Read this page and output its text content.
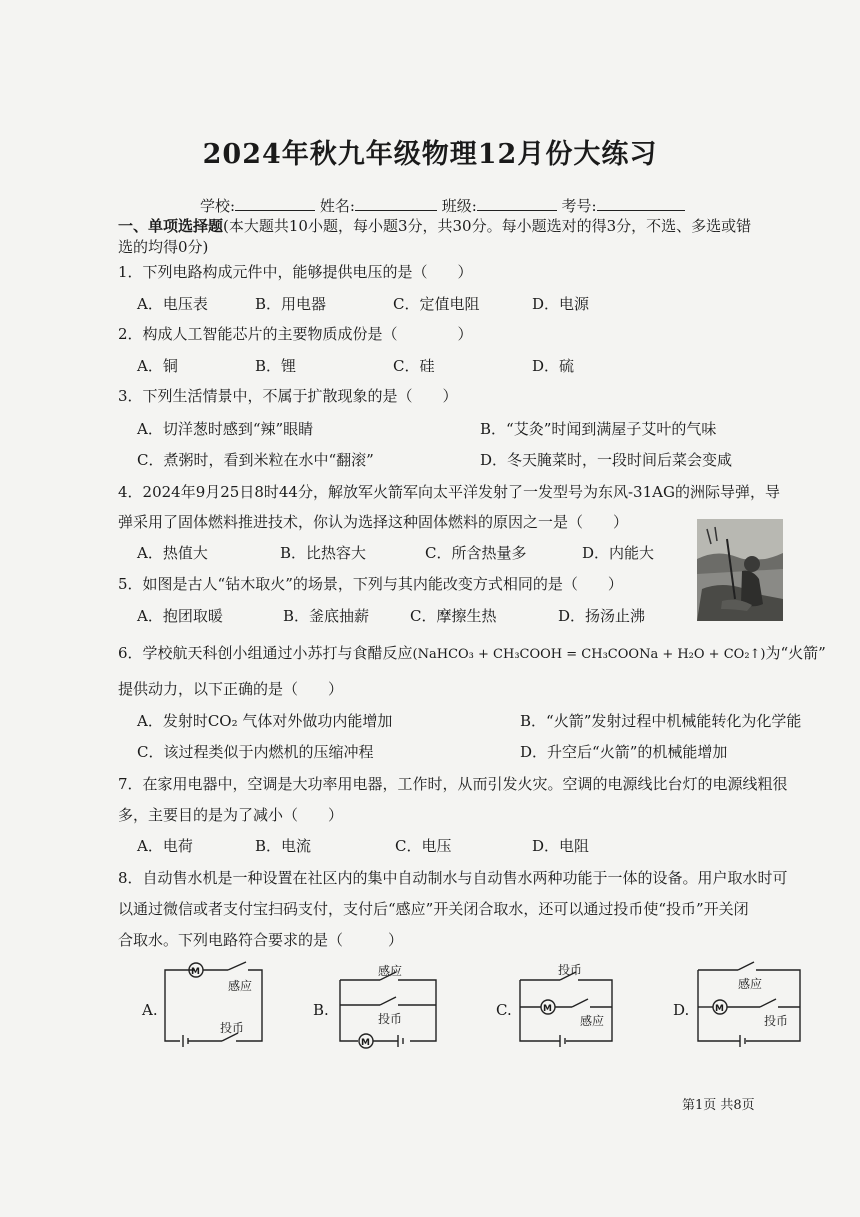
2024年秋九年级物理12月份大练习
学校:	姓名:	班级:	考号:
一、单项选择题(本大题共10小题，每小题3分，共30分。每小题选对的得3分，不选、多选或错
选的均得0分)
1．下列电路构成元件中，能够提供电压的是（　　）
A．电压表	B．用电器	C．定值电阻	D．电源
2．构成人工智能芯片的主要物质成份是（　　　　）
A．铜	B．锂	C．硅	D．硫
3．下列生活情景中，不属于扩散现象的是（　　）
A．切洋葱时感到“辣”眼睛	B．“艾灸”时闻到满屋子艾叶的气味
C．煮粥时，看到米粒在水中“翻滚”	D．冬天腌菜时，一段时间后菜会变咸
4．2024年9月25日8时44分，解放军火箭军向太平洋发射了一发型号为东风-31AG的洲际导弹，导
弹采用了固体燃料推进技术，你认为选择这种固体燃料的原因之一是（　　）
A．热值大	B．比热容大	C．所含热量多	D．内能大
5．如图是古人“钻木取火”的场景，下列与其内能改变方式相同的是（　　）
A．抱团取暖	B．釜底抽薪	C．摩擦生热	D．扬汤止沸
6．学校航天科创小组通过小苏打与食醋反应(NaHCO₃ + CH₃COOH = CH₃COONa + H₂O + CO₂↑)为“火箭”
提供动力，以下正确的是（　　）
A．发射时CO₂ 气体对外做功内能增加	B．“火箭”发射过程中机械能转化为化学能
C．该过程类似于内燃机的压缩冲程	D．升空后“火箭”的机械能增加
7．在家用电器中，空调是大功率用电器，工作时，从而引发火灾。空调的电源线比台灯的电源线粗很
多，主要目的是为了减小（　　）
A．电荷	B．电流	C．电压	D．电阻
8．自动售水机是一种设置在社区内的集中自动制水与自动售水两种功能于一体的设备。用户取水时可
以通过微信或者支付宝扫码支付，支付后“感应”开关闭合取水，还可以通过投币使“投币”开关闭
合取水。下列电路符合要求的是（　　　）
A.
M
感应
投币
B.
感应
投币
M
C.
投币
M
感应
D.
感应
M
投币
第1页 共8页
